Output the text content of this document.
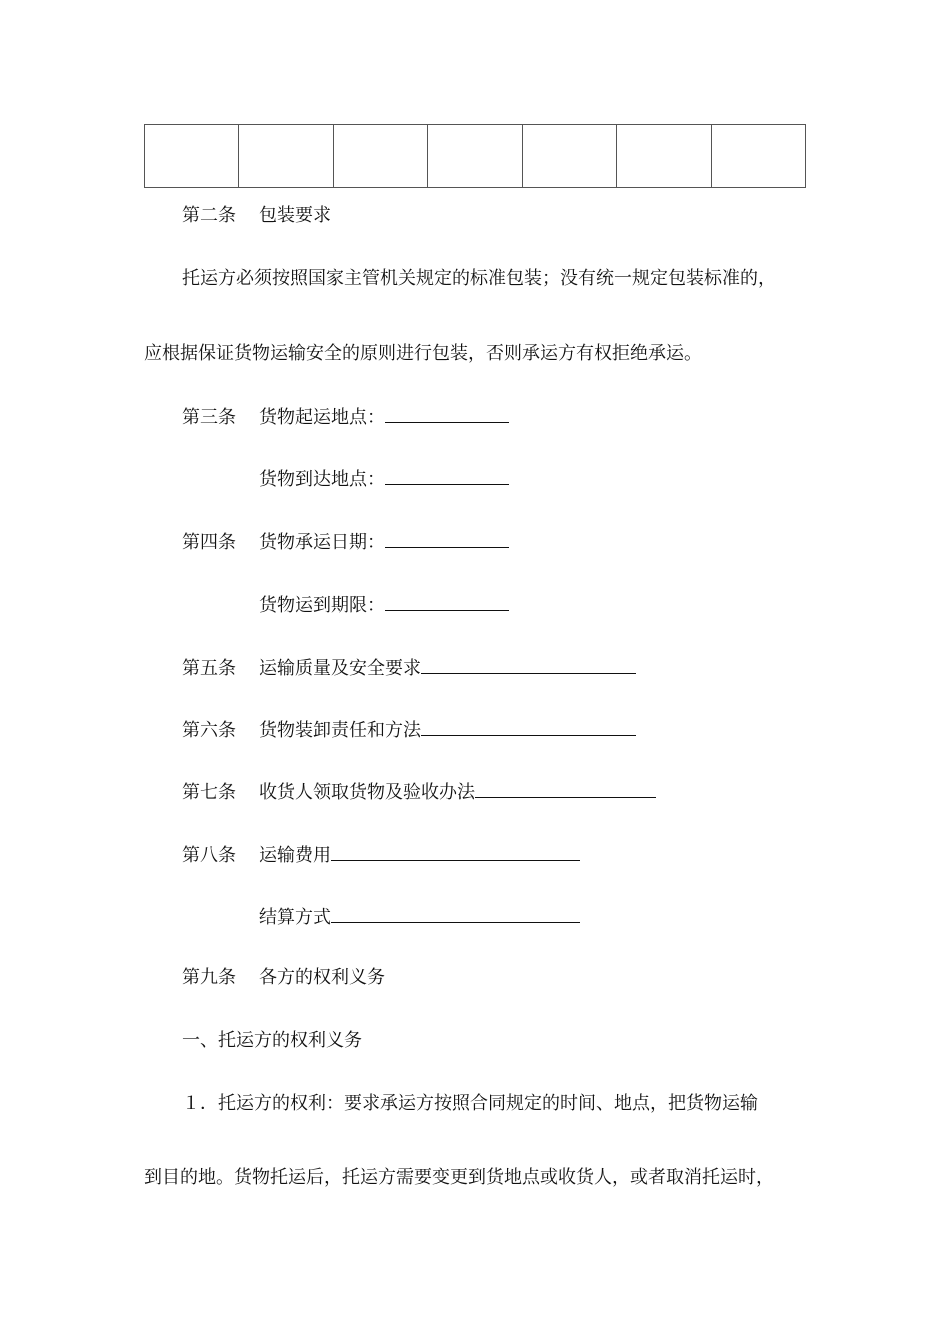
第二条 包装要求
托运方必须按照国家主管机关规定的标准包装；没有统一规定包装标准的，
应根据保证货物运输安全的原则进行包装，否则承运方有权拒绝承运。
第三条 货物起运地点：
货物到达地点：
第四条 货物承运日期：
货物运到期限：
第五条 运输质量及安全要求
第六条 货物装卸责任和方法
第七条 收货人领取货物及验收办法
第八条 运输费用
结算方式
第九条 各方的权利义务
一、托运方的权利义务
１．托运方的权利：要求承运方按照合同规定的时间、地点，把货物运输
到目的地。货物托运后，托运方需要变更到货地点或收货人，或者取消托运时，
